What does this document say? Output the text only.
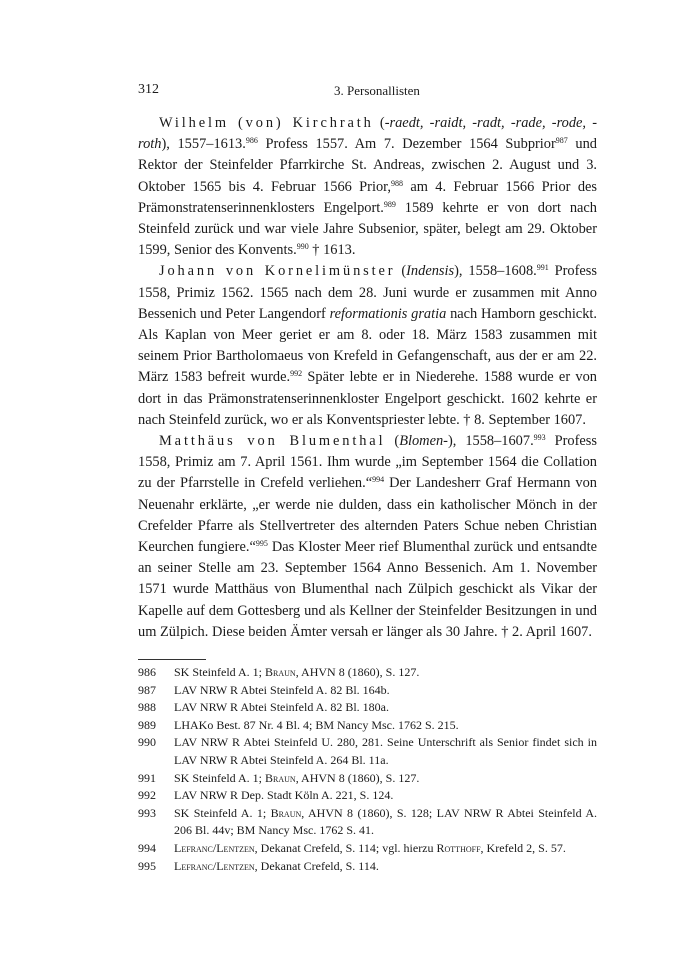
312	3. Personallisten

Wilhelm (von) Kirchrath (-raedt, -raidt, -radt, -rade, -rode, -roth), 1557–1613.$^{986}$ Profess 1557. Am 7. Dezember 1564 Subprior$^{987}$ und Rektor der Steinfelder Pfarrkirche St. Andreas, zwischen 2. August und 3. Oktober 1565 bis 4. Februar 1566 Prior,$^{988}$ am 4. Februar 1566 Prior des Prämonstratenserinnenklosters Engelport.$^{989}$ 1589 kehrte er von dort nach Steinfeld zurück und war viele Jahre Subsenior, später, belegt am 29. Oktober 1599, Senior des Konvents.$^{990}$ † 1613.

Johann von Kornelimünster (Indensis), 1558–1608.$^{991}$ Profess 1558, Primiz 1562. 1565 nach dem 28. Juni wurde er zusammen mit Anno Bessenich und Peter Langendorf reformationis gratia nach Hamborn geschickt. Als Kaplan von Meer geriet er am 8. oder 18. März 1583 zusammen mit seinem Prior Bartholomaeus von Krefeld in Gefangenschaft, aus der er am 22. März 1583 befreit wurde.$^{992}$ Später lebte er in Niederehe. 1588 wurde er von dort in das Prämonstratenserinnenkloster Engelport geschickt. 1602 kehrte er nach Steinfeld zurück, wo er als Konventspriester lebte. † 8. September 1607.

Matthäus von Blumenthal (Blomen-), 1558–1607.$^{993}$ Profess 1558, Primiz am 7. April 1561. Ihm wurde „im September 1564 die Collation zu der Pfarrstelle in Crefeld verliehen.“$^{994}$ Der Landesherr Graf Hermann von Neuenahr erklärte, „er werde nie dulden, dass ein katholischer Mönch in der Crefelder Pfarre als Stellvertreter des alternden Paters Schue neben Christian Keurchen fungiere.“$^{995}$ Das Kloster Meer rief Blumenthal zurück und entsandte an seiner Stelle am 23. September 1564 Anno Bessenich. Am 1. November 1571 wurde Matthäus von Blumenthal nach Zülpich geschickt als Vikar der Kapelle auf dem Gottesberg und als Kellner der Steinfelder Besitzungen in und um Zülpich. Diese beiden Ämter versah er länger als 30 Jahre. † 2. April 1607.

986	SK Steinfeld A. 1; Braun, AHVN 8 (1860), S. 127.
987	LAV NRW R Abtei Steinfeld A. 82 Bl. 164b.
988	LAV NRW R Abtei Steinfeld A. 82 Bl. 180a.
989	LHAKo Best. 87 Nr. 4 Bl. 4; BM Nancy Msc. 1762 S. 215.
990	LAV NRW R Abtei Steinfeld U. 280, 281. Seine Unterschrift als Senior findet sich in LAV NRW R Abtei Steinfeld A. 264 Bl. 11a.
991	SK Steinfeld A. 1; Braun, AHVN 8 (1860), S. 127.
992	LAV NRW R Dep. Stadt Köln A. 221, S. 124.
993	SK Steinfeld A. 1; Braun, AHVN 8 (1860), S. 128; LAV NRW R Abtei Steinfeld A. 206 Bl. 44v; BM Nancy Msc. 1762 S. 41.
994	Lefranc/Lentzen, Dekanat Crefeld, S. 114; vgl. hierzu Rotthoff, Krefeld 2, S. 57.
995	Lefranc/Lentzen, Dekanat Crefeld, S. 114.
